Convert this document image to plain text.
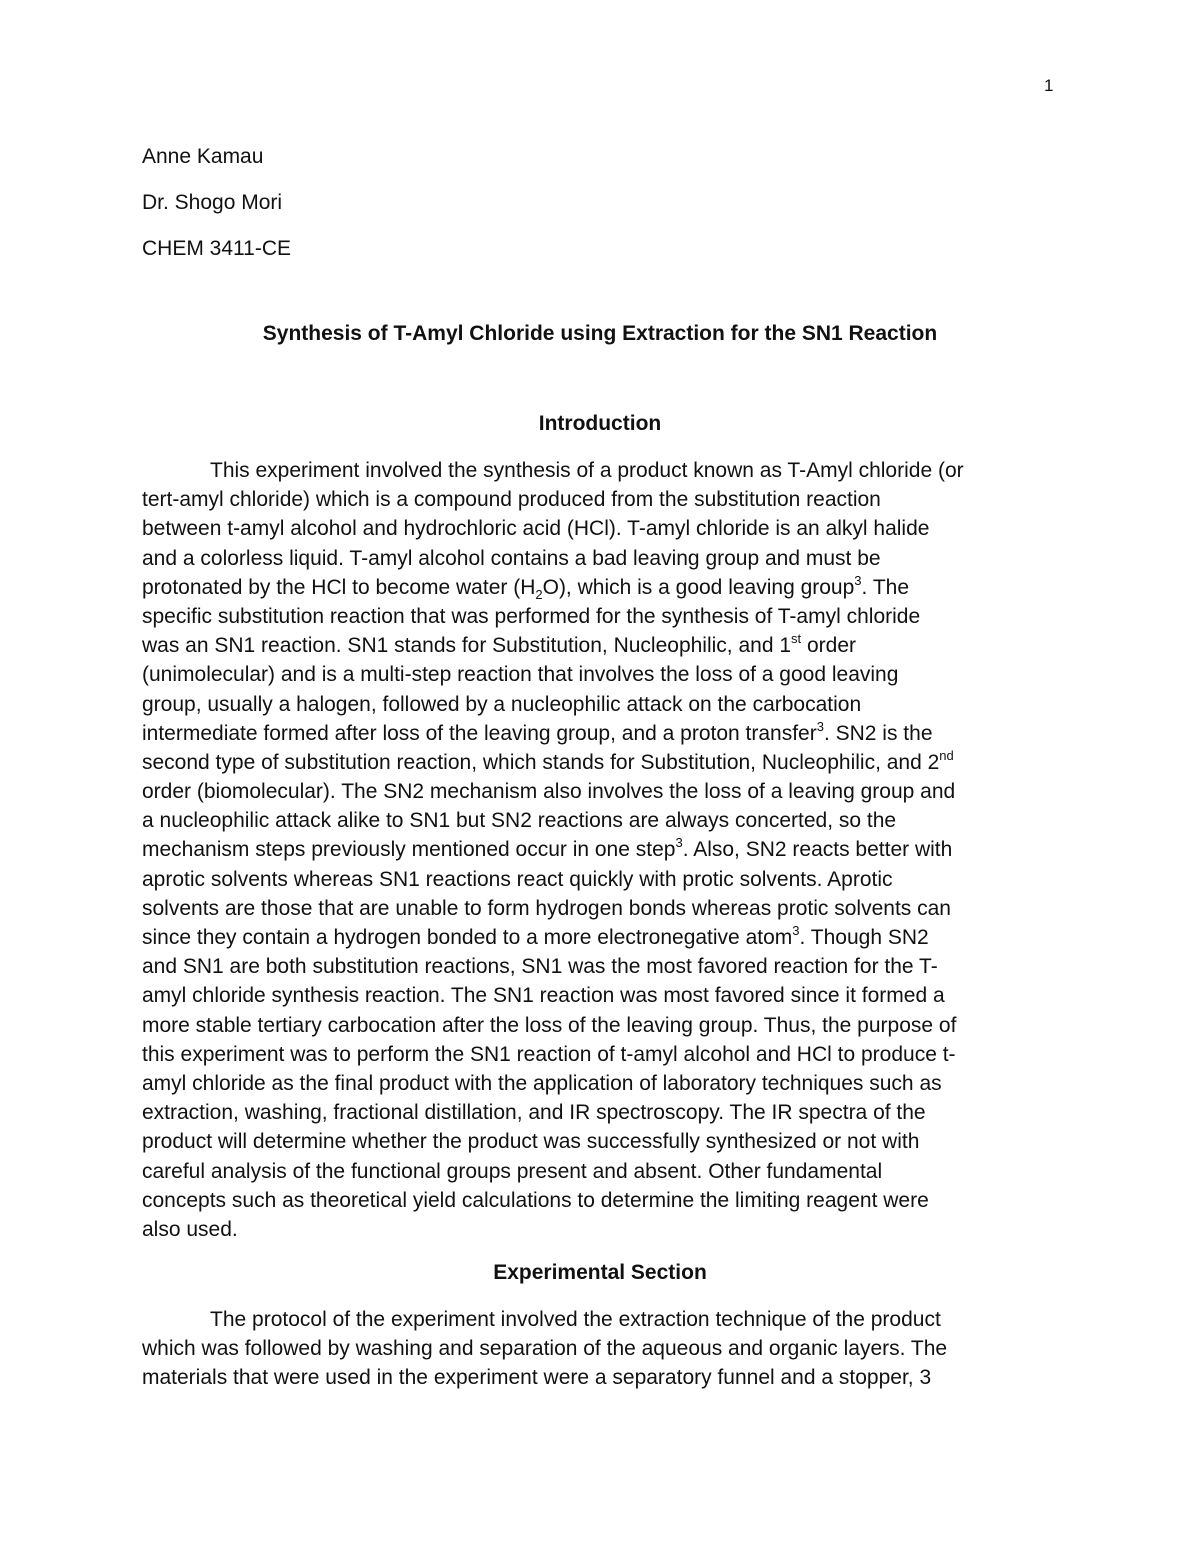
1
Anne Kamau
Dr. Shogo Mori
CHEM 3411-CE
Synthesis of T-Amyl Chloride using Extraction for the SN1 Reaction
Introduction
This experiment involved the synthesis of a product known as T-Amyl chloride (or
tert-amyl chloride) which is a compound produced from the substitution reaction
between t-amyl alcohol and hydrochloric acid (HCl). T-amyl chloride is an alkyl halide
and a colorless liquid. T-amyl alcohol contains a bad leaving group and must be
protonated by the HCl to become water $(H_2O)$, which is a good leaving group$^3$. The
specific substitution reaction that was performed for the synthesis of T-amyl chloride
was an SN1 reaction. SN1 stands for Substitution, Nucleophilic, and 1st order
(unimolecular) and is a multi-step reaction that involves the loss of a good leaving
group, usually a halogen, followed by a nucleophilic attack on the carbocation
intermediate formed after loss of the leaving group, and a proton transfer$^3$. SN2 is the
second type of substitution reaction, which stands for Substitution, Nucleophilic, and 2nd
order (biomolecular). The SN2 mechanism also involves the loss of a leaving group and
a nucleophilic attack alike to SN1 but SN2 reactions are always concerted, so the
mechanism steps previously mentioned occur in one step$^3$. Also, SN2 reacts better with
aprotic solvents whereas SN1 reactions react quickly with protic solvents. Aprotic
solvents are those that are unable to form hydrogen bonds whereas protic solvents can
since they contain a hydrogen bonded to a more electronegative atom$^3$. Though SN2
and SN1 are both substitution reactions, SN1 was the most favored reaction for the T-
amyl chloride synthesis reaction. The SN1 reaction was most favored since it formed a
more stable tertiary carbocation after the loss of the leaving group. Thus, the purpose of
this experiment was to perform the SN1 reaction of t-amyl alcohol and HCl to produce t-
amyl chloride as the final product with the application of laboratory techniques such as
extraction, washing, fractional distillation, and IR spectroscopy. The IR spectra of the
product will determine whether the product was successfully synthesized or not with
careful analysis of the functional groups present and absent. Other fundamental
concepts such as theoretical yield calculations to determine the limiting reagent were
also used.
Experimental Section
The protocol of the experiment involved the extraction technique of the product
which was followed by washing and separation of the aqueous and organic layers. The
materials that were used in the experiment were a separatory funnel and a stopper, 3
